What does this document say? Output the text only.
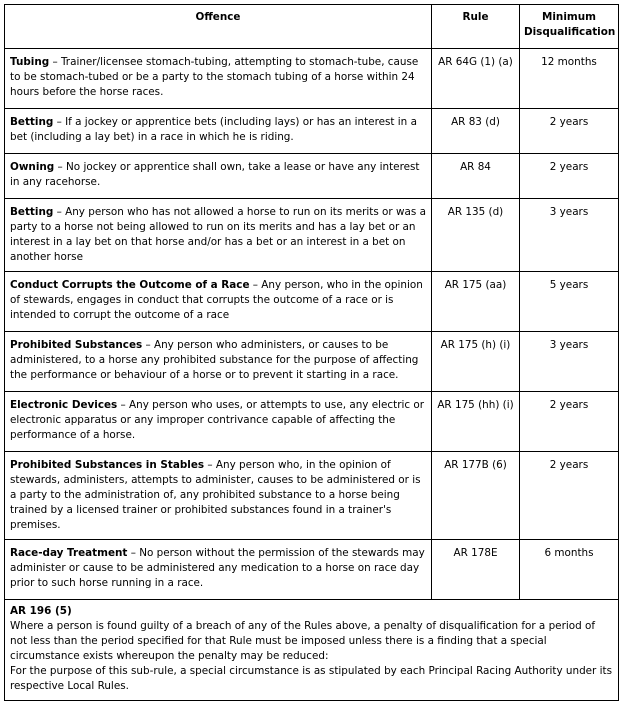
Offence	Rule	Minimum
Disqualification
Tubing – Trainer/licensee stomach-tubing, attempting to stomach-tube, cause to be stomach-tubed or be a party to the stomach tubing of a horse within 24 hours before the horse races.	AR 64G (1) (a)	12 months
Betting – If a jockey or apprentice bets (including lays) or has an interest in a bet (including a lay bet) in a race in which he is riding.	AR 83 (d)	2 years
Owning – No jockey or apprentice shall own, take a lease or have any interest in any racehorse.	AR 84	2 years
Betting – Any person who has not allowed a horse to run on its merits or was a party to a horse not being allowed to run on its merits and has a lay bet or an interest in a lay bet on that horse and/or has a bet or an interest in a bet on another horse	AR 135 (d)	3 years
Conduct Corrupts the Outcome of a Race – Any person, who in the opinion of stewards, engages in conduct that corrupts the outcome of a race or is intended to corrupt the outcome of a race	AR 175 (aa)	5 years
Prohibited Substances – Any person who administers, or causes to be administered, to a horse any prohibited substance for the purpose of affecting the performance or behaviour of a horse or to prevent it starting in a race.	AR 175 (h) (i)	3 years
Electronic Devices – Any person who uses, or attempts to use, any electric or electronic apparatus or any improper contrivance capable of affecting the performance of a horse.	AR 175 (hh) (i)	2 years
Prohibited Substances in Stables – Any person who, in the opinion of stewards, administers, attempts to administer, causes to be administered or is a party to the administration of, any prohibited substance to a horse being trained by a licensed trainer or prohibited substances found in a trainer's premises.	AR 177B (6)	2 years
Race-day Treatment – No person without the permission of the stewards may administer or cause to be administered any medication to a horse on race day prior to such horse running in a race.	AR 178E	6 months

AR 196 (5)
Where a person is found guilty of a breach of any of the Rules above, a penalty of disqualification for a period of not less than the period specified for that Rule must be imposed unless there is a finding that a special circumstance exists whereupon the penalty may be reduced:
For the purpose of this sub-rule, a special circumstance is as stipulated by each Principal Racing Authority under its respective Local Rules.		
